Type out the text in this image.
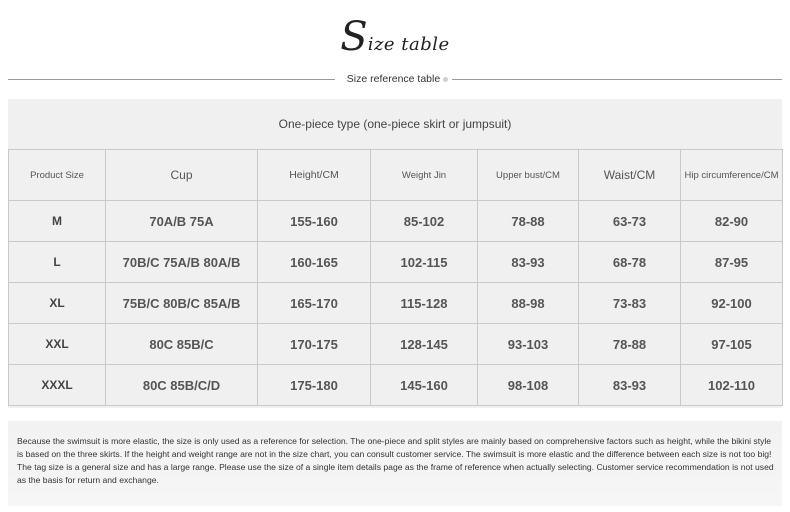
Size table
Size reference table
One-piece type (one-piece skirt or jumpsuit)
Product Size	Cup	Height/CM	Weight Jin	Upper bust/CM	Waist/CM	Hip circumference/CM
M	70A/B 75A	155-160	85-102	78-88	63-73	82-90
L	70B/C 75A/B 80A/B	160-165	102-115	83-93	68-78	87-95
XL	75B/C 80B/C 85A/B	165-170	115-128	88-98	73-83	92-100
XXL	80C 85B/C	170-175	128-145	93-103	78-88	97-105
XXXL	80C 85B/C/D	175-180	145-160	98-108	83-93	102-110

Because the swimsuit is more elastic, the size is only used as a reference for selection. The one-piece and split styles are mainly based on comprehensive factors such as height, while the bikini style is based on the three skirts. If the height and weight range are not in the size chart, you can consult customer service. The swimsuit is more elastic and the difference between each size is not too big! The tag size is a general size and has a large range. Please use the size of a single item details page as the frame of reference when actually selecting. Customer service recommendation is not used as the basis for return and exchange.
